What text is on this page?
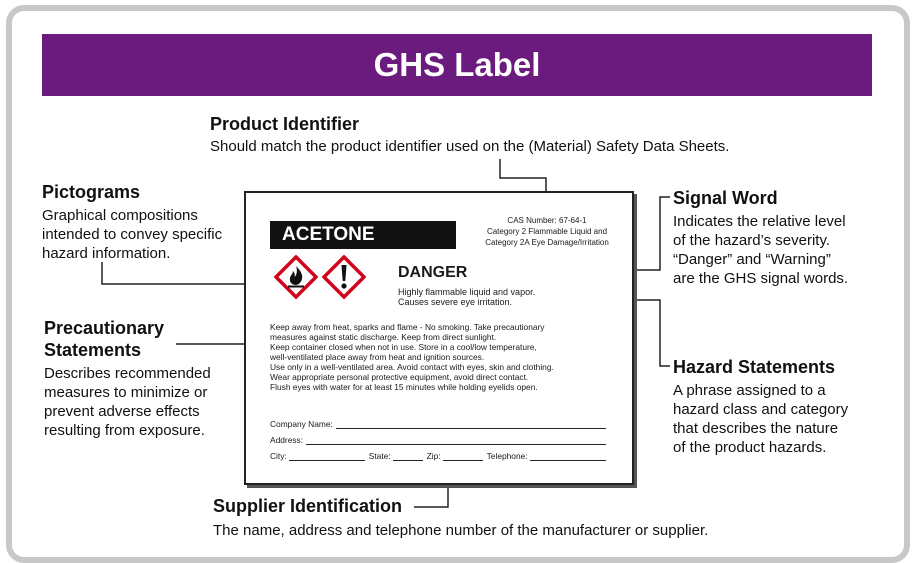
GHS Label
Product Identifier
Should match the product identifier used on the (Material) Safety Data Sheets.
Pictograms
Graphical compositions
intended to convey specific
hazard information.
Precautionary
Statements
Describes recommended
measures to minimize or
prevent adverse effects
resulting from exposure.
Signal Word
Indicates the relative level
of the hazard’s severity.
“Danger” and “Warning”
are the GHS signal words.
Hazard Statements
A phrase assigned to a
hazard class and category
that describes the nature
of the product hazards.
Supplier Identification
The name, address and telephone number of the manufacturer or supplier.
ACETONE
CAS Number: 67-64-1
Category 2 Flammable Liquid and
Category 2A Eye Damage/Irritation
DANGER
Highly flammable liquid and vapor.
Causes severe eye irritation.
Keep away from heat, sparks and flame - No smoking. Take precautionary
measures against static discharge. Keep from direct sunlight.
Keep container closed when not in use. Store in a cool/low temperature,
well-ventilated place away from heat and ignition sources.
Use only in a well-ventilated area. Avoid contact with eyes, skin and clothing.
Wear appropriate personal protective equipment, avoid direct contact.
Flush eyes with water for at least 15 minutes while holding eyelids open.
Company Name:
Address:
City:	State:	Zip:	Telephone:
